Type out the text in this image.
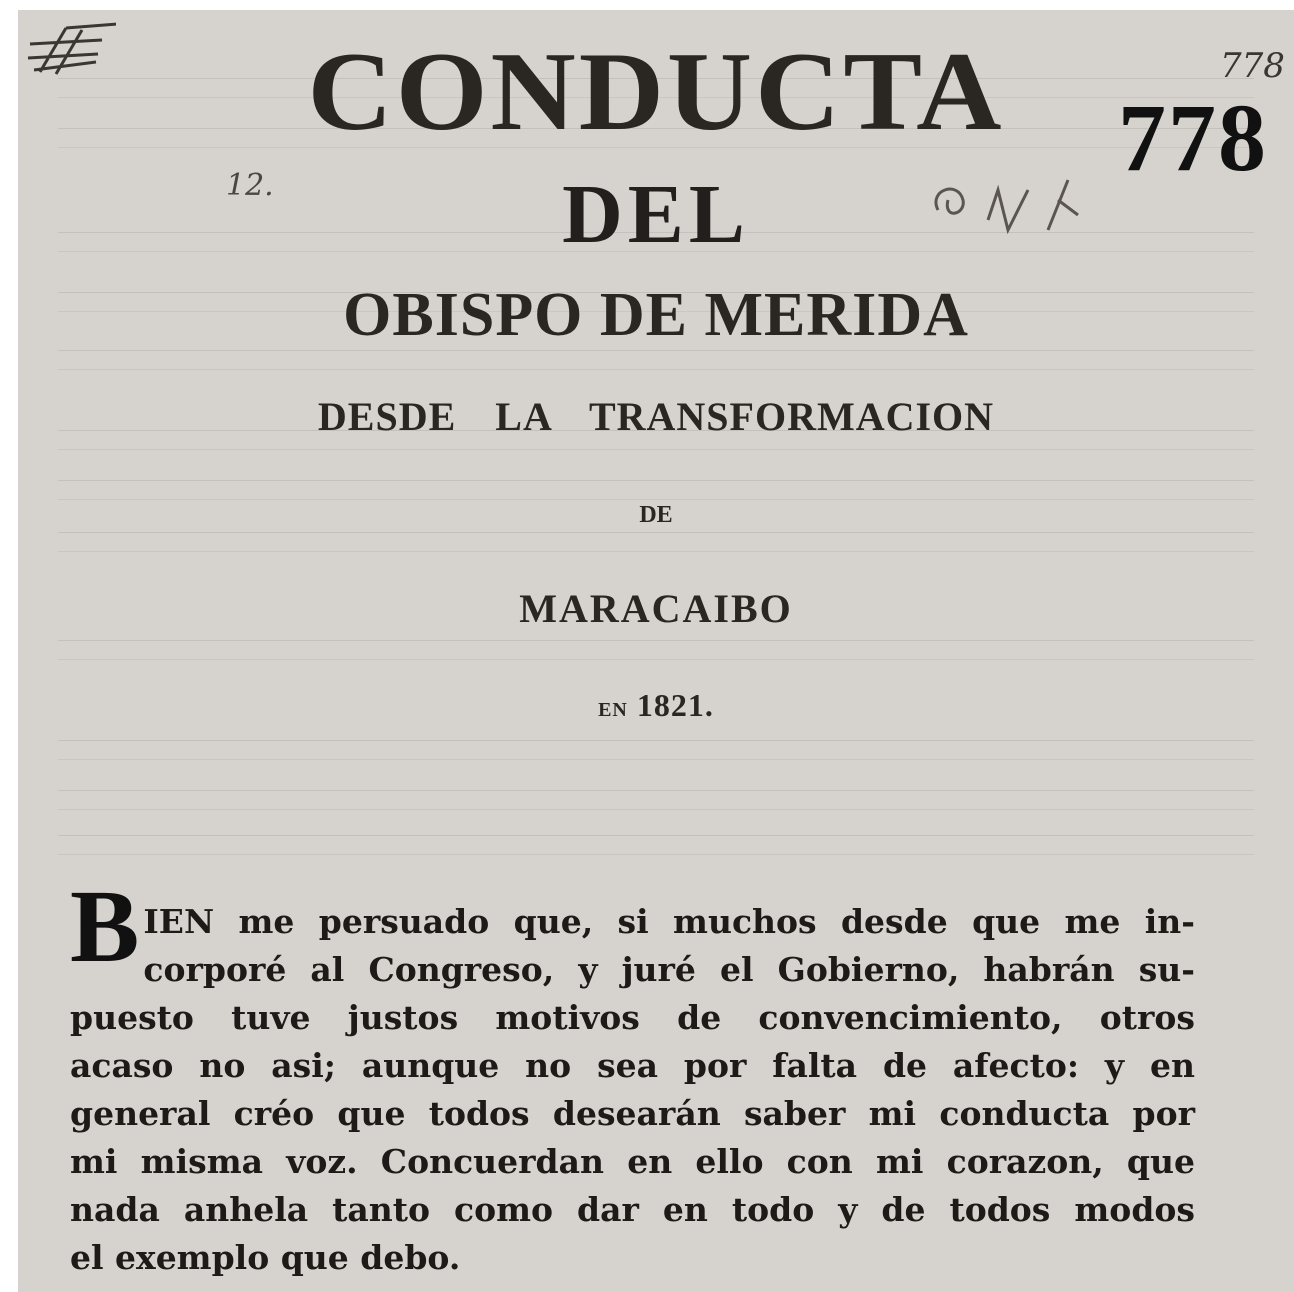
12.
778
778
CONDUCTA
DEL
OBISPO DE MERIDA
DESDE LA TRANSFORMACION
DE
MARACAIBO
EN 1821.
B IEN me persuado que, si muchos desde que me in-
corporé al Congreso, y juré el Gobierno, habrán su-
puesto tuve justos motivos de convencimiento, otros
acaso no asi; aunque no sea por falta de afecto: y en
general créo que todos desearán saber mi conducta por
mi misma voz. Concuerdan en ello con mi corazon, que
nada anhela tanto como dar en todo y de todos modos
el exemplo que debo.
